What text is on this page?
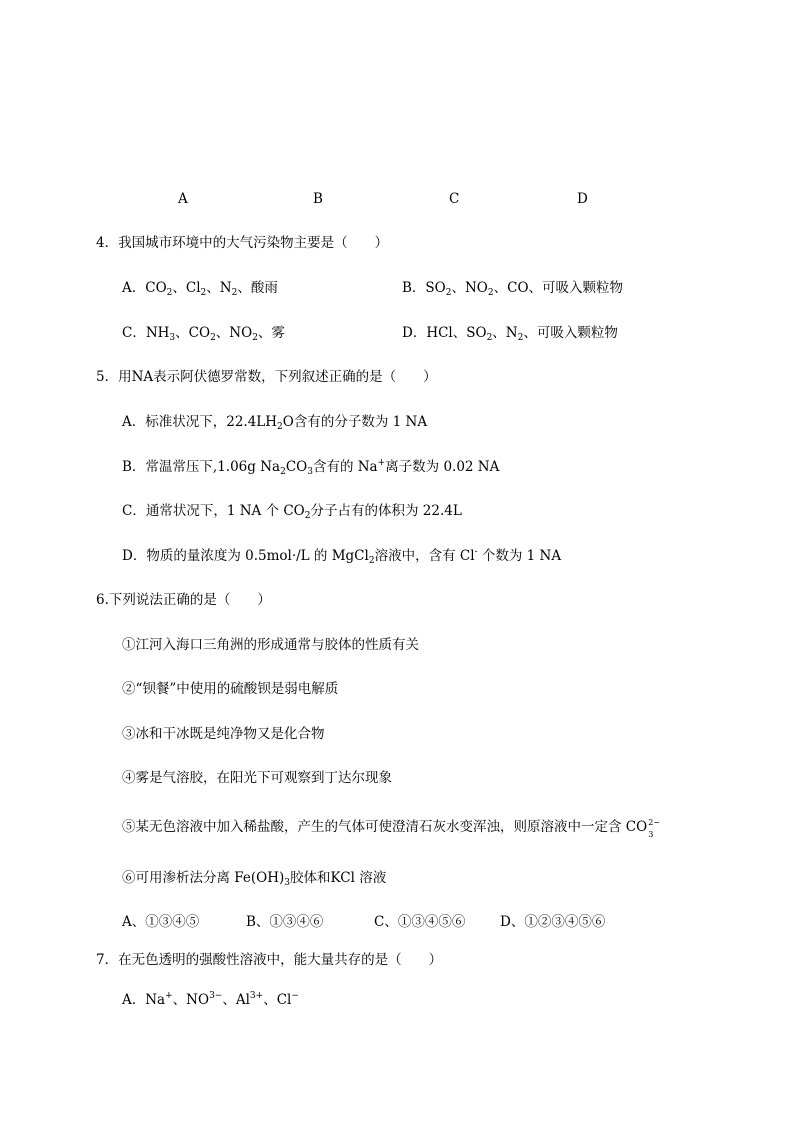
A	B	C	D
4．我国城市环境中的大气污染物主要是（　　）
A．$CO_2$、$Cl_2$、$N_2$、酸雨	B．$SO_2$、$NO_2$、CO、可吸入颗粒物
C．$NH_3$、$CO_2$、$NO_2$、雾	D．HCl、$SO_2$、$N_2$、可吸入颗粒物
5．用NA表示阿伏德罗常数，下列叙述正确的是（　　）
A．标准状况下，$22.4LH_2O$含有的分子数为 1 NA
B．常温常压下,1.06g $Na_2CO_3$含有的 Na+离子数为 0.02 NA
C．通常状况下，1 NA 个 $CO_2$分子占有的体积为 22.4L
D．物质的量浓度为 0.5mol·/L 的 MgCl$_2$溶液中，含有 Cl- 个数为 1 NA
6.下列说法正确的是（　　）
①江河入海口三角洲的形成通常与胶体的性质有关
②“钡餐”中使用的硫酸钡是弱电解质
③冰和干冰既是纯净物又是化合物
④雾是气溶胶，在阳光下可观察到丁达尔现象
⑤某无色溶液中加入稀盐酸，产生的气体可使澄清石灰水变浑浊，则原溶液中一定含 CO 2−
3
⑥可用渗析法分离 $Fe(OH)_3$胶体和KCl 溶液
A、①③④⑤	B、①③④⑥	C、①③④⑤⑥	D、①②③④⑤⑥
7．在无色透明的强酸性溶液中，能大量共存的是（　　）
A．Na+、$NO^{3-}$、$Al^{3+}$、Cl−
